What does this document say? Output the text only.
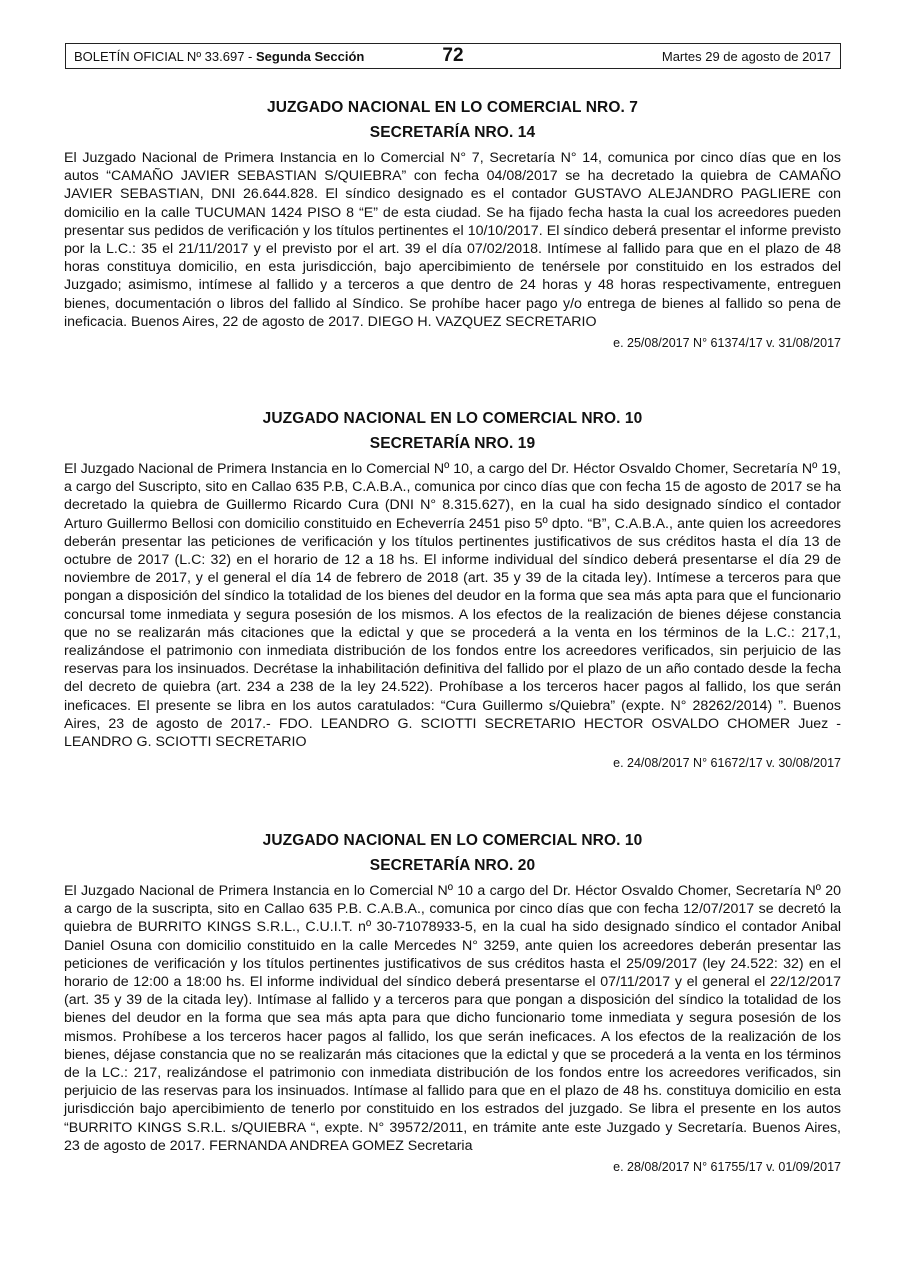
BOLETÍN OFICIAL Nº 33.697 - Segunda Sección	72	Martes 29 de agosto de 2017
JUZGADO NACIONAL EN LO COMERCIAL NRO. 7
SECRETARÍA NRO. 14

El Juzgado Nacional de Primera Instancia en lo Comercial N° 7, Secretaría N° 14, comunica por cinco días que en los autos “CAMAÑO JAVIER SEBASTIAN S/QUIEBRA” con fecha 04/08/2017 se ha decretado la quiebra de CAMAÑO JAVIER SEBASTIAN, DNI 26.644.828. El síndico designado es el contador GUSTAVO ALEJANDRO PAGLIERE con domicilio en la calle TUCUMAN 1424 PISO 8 “E” de esta ciudad. Se ha fijado fecha hasta la cual los acreedores pueden presentar sus pedidos de verificación y los títulos pertinentes el 10/10/2017. El síndico deberá presentar el informe previsto por la L.C.: 35 el 21/11/2017 y el previsto por el art. 39 el día 07/02/2018. Intímese al fallido para que en el plazo de 48 horas constituya domicilio, en esta jurisdicción, bajo apercibimiento de tenérsele por constituido en los estrados del Juzgado; asimismo, intímese al fallido y a terceros a que dentro de 24 horas y 48 horas respectivamente, entreguen bienes, documentación o libros del fallido al Síndico. Se prohíbe hacer pago y/o entrega de bienes al fallido so pena de ineficacia. Buenos Aires, 22 de agosto de 2017. DIEGO H. VAZQUEZ SECRETARIO

e. 25/08/2017 N° 61374/17 v. 31/08/2017
JUZGADO NACIONAL EN LO COMERCIAL NRO. 10
SECRETARÍA NRO. 19

El Juzgado Nacional de Primera Instancia en lo Comercial Nº 10, a cargo del Dr. Héctor Osvaldo Chomer, Secretaría Nº 19, a cargo del Suscripto, sito en Callao 635 P.B, C.A.B.A., comunica por cinco días que con fecha 15 de agosto de 2017 se ha decretado la quiebra de Guillermo Ricardo Cura (DNI N° 8.315.627), en la cual ha sido designado síndico el contador Arturo Guillermo Bellosi con domicilio constituido en Echeverría 2451 piso 5º dpto. “B”, C.A.B.A., ante quien los acreedores deberán presentar las peticiones de verificación y los títulos pertinentes justificativos de sus créditos hasta el día 13 de octubre de 2017 (L.C: 32) en el horario de 12 a 18 hs. El informe individual del síndico deberá presentarse el día 29 de noviembre de 2017, y el general el día 14 de febrero de 2018 (art. 35 y 39 de la citada ley). Intímese a terceros para que pongan a disposición del síndico la totalidad de los bienes del deudor en la forma que sea más apta para que el funcionario concursal tome inmediata y segura posesión de los mismos. A los efectos de la realización de bienes déjese constancia que no se realizarán más citaciones que la edictal y que se procederá a la venta en los términos de la L.C.: 217,1, realizándose el patrimonio con inmediata distribución de los fondos entre los acreedores verificados, sin perjuicio de las reservas para los insinuados. Decrétase la inhabilitación definitiva del fallido por el plazo de un año contado desde la fecha del decreto de quiebra (art. 234 a 238 de la ley 24.522). Prohíbase a los terceros hacer pagos al fallido, los que serán ineficaces. El presente se libra en los autos caratulados: “Cura Guillermo s/Quiebra” (expte. N° 28262/2014) ”. Buenos Aires, 23 de agosto de 2017.- FDO. LEANDRO G. SCIOTTI SECRETARIO HECTOR OSVALDO CHOMER Juez - LEANDRO G. SCIOTTI SECRETARIO

e. 24/08/2017 N° 61672/17 v. 30/08/2017
JUZGADO NACIONAL EN LO COMERCIAL NRO. 10
SECRETARÍA NRO. 20

El Juzgado Nacional de Primera Instancia en lo Comercial Nº 10 a cargo del Dr. Héctor Osvaldo Chomer, Secretaría Nº 20 a cargo de la suscripta, sito en Callao 635 P.B. C.A.B.A., comunica por cinco días que con fecha 12/07/2017 se decretó la quiebra de BURRITO KINGS S.R.L., C.U.I.T. nº 30-71078933-5, en la cual ha sido designado síndico el contador Anibal Daniel Osuna con domicilio constituido en la calle Mercedes N° 3259, ante quien los acreedores deberán presentar las peticiones de verificación y los títulos pertinentes justificativos de sus créditos hasta el 25/09/2017 (ley 24.522: 32) en el horario de 12:00 a 18:00 hs. El informe individual del síndico deberá presentarse el 07/11/2017 y el general el 22/12/2017 (art. 35 y 39 de la citada ley). Intímase al fallido y a terceros para que pongan a disposición del síndico la totalidad de los bienes del deudor en la forma que sea más apta para que dicho funcionario tome inmediata y segura posesión de los mismos. Prohíbese a los terceros hacer pagos al fallido, los que serán ineficaces. A los efectos de la realización de los bienes, déjase constancia que no se realizarán más citaciones que la edictal y que se procederá a la venta en los términos de la LC.: 217, realizándose el patrimonio con inmediata distribución de los fondos entre los acreedores verificados, sin perjuicio de las reservas para los insinuados. Intímase al fallido para que en el plazo de 48 hs. constituya domicilio en esta jurisdicción bajo apercibimiento de tenerlo por constituido en los estrados del juzgado. Se libra el presente en los autos “BURRITO KINGS S.R.L. s/QUIEBRA “, expte. N° 39572/2011, en trámite ante este Juzgado y Secretaría. Buenos Aires, 23 de agosto de 2017. FERNANDA ANDREA GOMEZ Secretaria

e. 28/08/2017 N° 61755/17 v. 01/09/2017
